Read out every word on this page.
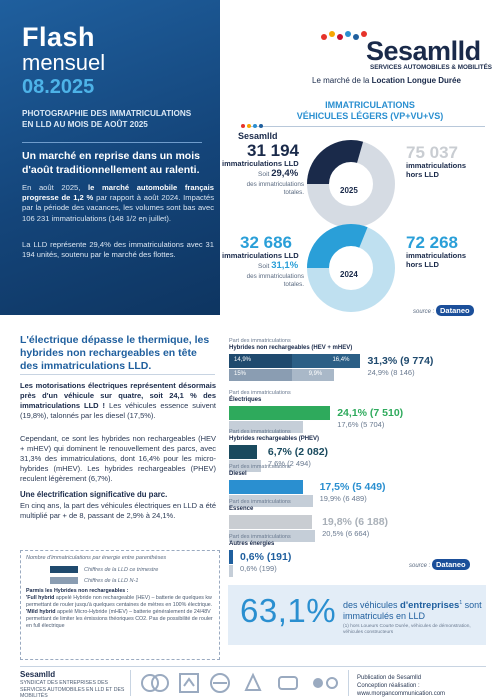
Flash
mensuel
08.2025
PHOTOGRAPHIE DES IMMATRICULATIONS EN LLD AU MOIS DE AOÛT 2025
Un marché en reprise dans un mois d'août traditionnellement au ralenti.
En août 2025, le marché automobile français progresse de 1,2 % par rapport à août 2024. Impactés par la période des vacances, les volumes sont bas avec 106 231 immatriculations (148 1/2 en juillet).
La LLD représente 29,4% des immatriculations avec 31 194 unités, soutenu par le marché des flottes.
Sesamlld
SERVICES AUTOMOBILES & MOBILITÉS
Le marché de la Location Longue Durée
IMMATRICULATIONS
VÉHICULES LÉGERS (VP+VU+VS)
Sesamlld
2025
31 194
immatriculations LLD
Soit 29,4%
des immatriculations totales.
75 037
immatriculations hors LLD
2024
32 686
immatriculations LLD
Soit 31,1%
des immatriculations totales.
72 268
immatriculations hors LLD
source : Dataneo
L'électrique dépasse le thermique, les hybrides non rechargeables en tête des immatriculations LLD.
Les motorisations électriques représentent désormais près d'un véhicule sur quatre, soit 24,1 % des immatriculations LLD ! Les véhicules essence suivent (19,8%), talonnés par les diesel (17,5%).
Cependant, ce sont les hybrides non rechargeables (HEV + mHEV) qui dominent le renouvellement des parcs, avec 31,3% des immatriculations, dont 16,4% pour les micro-hybrides (mHEV). Les hybrides rechargeables (PHEV) reculent légèrement (6,7%).
Une électrification significative du parc.
En cinq ans, la part des véhicules électriques en LLD a été multiplié par + de 8, passant de 2,9% à 24,1%.
Nombre d'immatriculations par énergie entre parenthèses
Chiffres de la LLD ce trimestre
Chiffres de la LLD N-1
Parmis les Hybrides non rechargeables :
'Full hybrid appelé Hybride non rechargeable (HEV) – batterie de quelques kw permettant de rouler jusqu'à quelques centaines de mètres en 100% électrique. 'Mild hybrid appelé Micro-Hybride (mHEV) – batterie généralement de 24/48V permettant de limiter les émissions théoriques CO2. Pas de possibilité de rouler en full électrique
Part des immatriculations
Hybrides non rechargeables (HEV + mHEV)
14,9%	16,4%
15%	9,9%
31,3% (9 774)
24,9% (8 146)
Part des immatriculations
Électriques
24,1% (7 510)
17,6% (5 704)
Part des immatriculations
Hybrides rechargeables (PHEV)
6,7% (2 082)
7,6% (2 494)
Part des immatriculations
Diesel
17,5% (5 449)
19,9% (6 489)
Part des immatriculations
Essence
19,8% (6 188)
20,5% (6 664)
Part des immatriculations
Autres énergies
0,6% (191)
0,6% (199)	source : Dataneo
63,1% des véhicules d'entreprises$^1$ sont immatriculés en LLD
(1) hors Loueurs Courte Durée, véhicules de démonstration, véhicules constructeurs
Sesamlld
SYNDICAT DES ENTREPRISES DES SERVICES AUTOMOBILES EN LLD ET DES MOBILITÉS
Publication de Sesamlld
Conception réalisation :
www.morgancommunication.com
